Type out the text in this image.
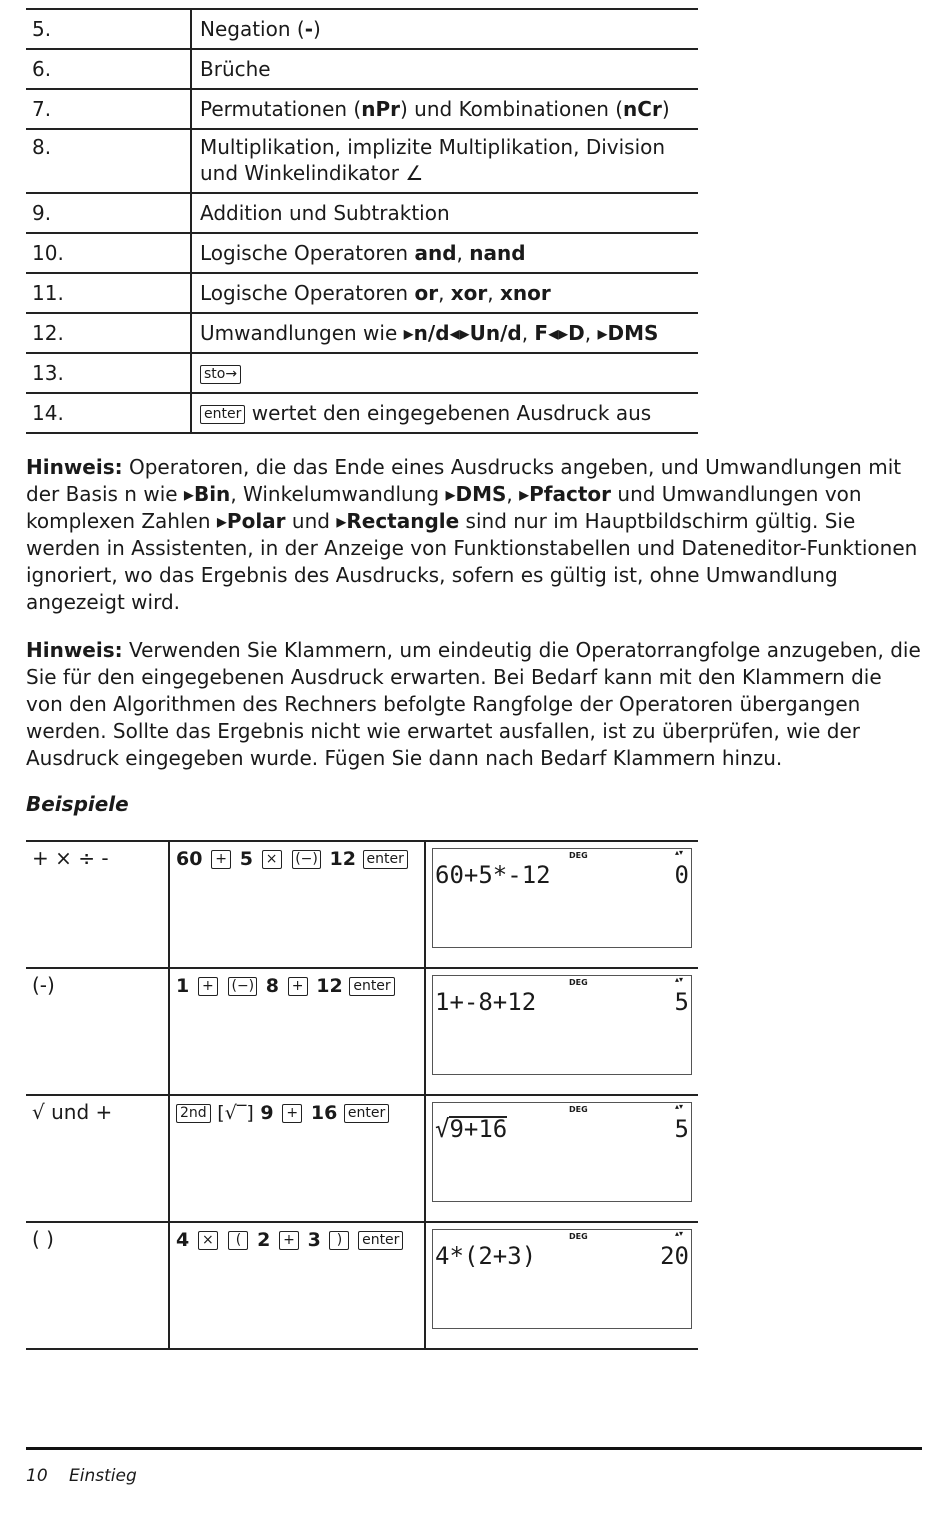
5.	Negation (-)
6.	Brüche
7.	Permutationen (nPr) und Kombinationen (nCr)
8.	Multiplikation, implizite Multiplikation, Division
und Winkelindikator ∠

9.	Addition und Subtraktion
10.	Logische Operatoren and, nand
11.	Logische Operatoren or, xor, xnor
12.	Umwandlungen wie ▸n/d◂▸Un/d, F◂▸D, ▸DMS
13.	sto→
14.	enter wertet den eingegebenen Ausdruck aus

Hinweis: Operatoren, die das Ende eines Ausdrucks angeben, und Umwandlungen mit der Basis n wie ▸Bin, Winkelumwandlung ▸DMS, ▸Pfactor und Umwandlungen von komplexen Zahlen ▸Polar und ▸Rectangle sind nur im Hauptbildschirm gültig. Sie werden in Assistenten, in der Anzeige von Funktionstabellen und Dateneditor-Funktionen ignoriert, wo das Ergebnis des Ausdrucks, sofern es gültig ist, ohne Umwandlung angezeigt wird.

Hinweis: Verwenden Sie Klammern, um eindeutig die Operatorrangfolge anzugeben, die Sie für den eingegebenen Ausdruck erwarten. Bei Bedarf kann mit den Klammern die von den Algorithmen des Rechners befolgte Rangfolge der Operatoren übergangen werden. Sollte das Ergebnis nicht wie erwartet ausfallen, ist zu überprüfen, wie der Ausdruck eingegeben wurde. Fügen Sie dann nach Bedarf Klammern hinzu.

Beispiele
+ × ÷ -	60 + 5 × (−) 12 enter	DEG ▴▾
60+5*-12 0

(-)	1 + (−) 8 + 12 enter	DEG ▴▾
1+-8+12 5

√ und +	2nd [√‾] 9 + 16 enter	DEG ▴▾
√9+16 5

( )	4 × ( 2 + 3 ) enter	DEG ▴▾
4*(2+3) 20
10 Einstieg
